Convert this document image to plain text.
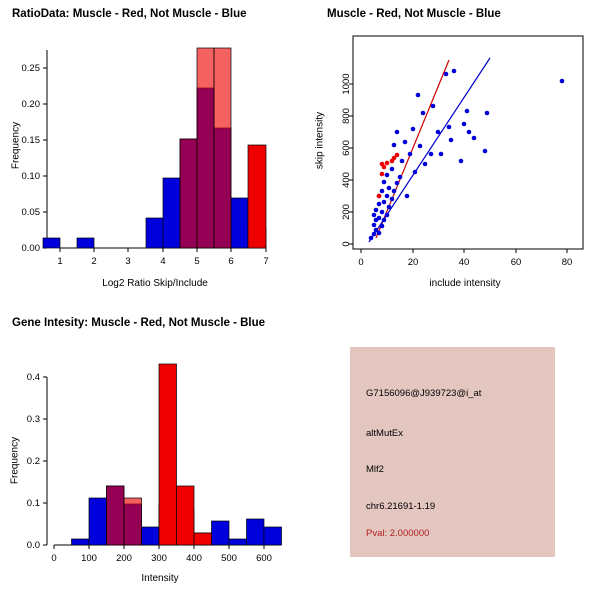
RatioData: Muscle - Red, Not Muscle - Blue
0.00
0.05
0.10
0.15
0.20
0.25
1	2	3	4	5	6	7
Log2 Ratio Skip/Include
Frequency
Muscle - Red, Not Muscle - Blue
0
200
400
600
800
1000
0	20	40	60	80
include intensity
skip intensity
Gene Intesity: Muscle - Red, Not Muscle - Blue
0.0
0.1
0.2
0.3
0.4
0	100 200 300 400 500 600
Intensity
Frequency
G7156096@J939723@i_at
altMutEx
Mlf2
chr6.21691-1.19
Pval: 2.000000
